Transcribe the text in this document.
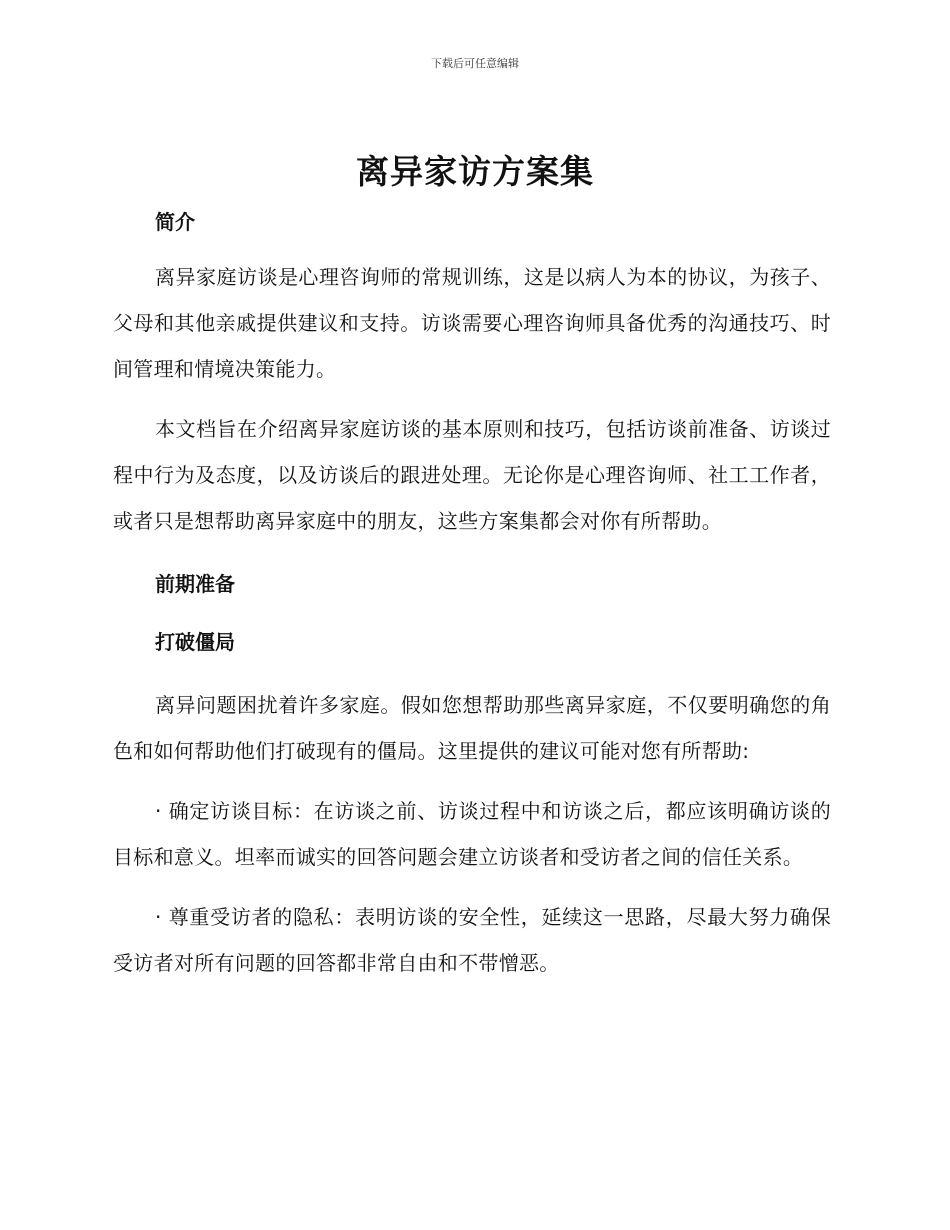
下载后可任意编辑
离异家访方案集

简介

离异家庭访谈是心理咨询师的常规训练，这是以病人为本的协议，为孩子、父母和其他亲戚提供建议和支持。访谈需要心理咨询师具备优秀的沟通技巧、时间管理和情境决策能力。

本文档旨在介绍离异家庭访谈的基本原则和技巧，包括访谈前准备、访谈过程中行为及态度，以及访谈后的跟进处理。无论你是心理咨询师、社工工作者，或者只是想帮助离异家庭中的朋友，这些方案集都会对你有所帮助。

前期准备

打破僵局

离异问题困扰着许多家庭。假如您想帮助那些离异家庭，不仅要明确您的角色和如何帮助他们打破现有的僵局。这里提供的建议可能对您有所帮助:

· 确定访谈目标：在访谈之前、访谈过程中和访谈之后，都应该明确访谈的目标和意义。坦率而诚实的回答问题会建立访谈者和受访者之间的信任关系。

· 尊重受访者的隐私：表明访谈的安全性，延续这一思路，尽最大努力确保受访者对所有问题的回答都非常自由和不带憎恶。
